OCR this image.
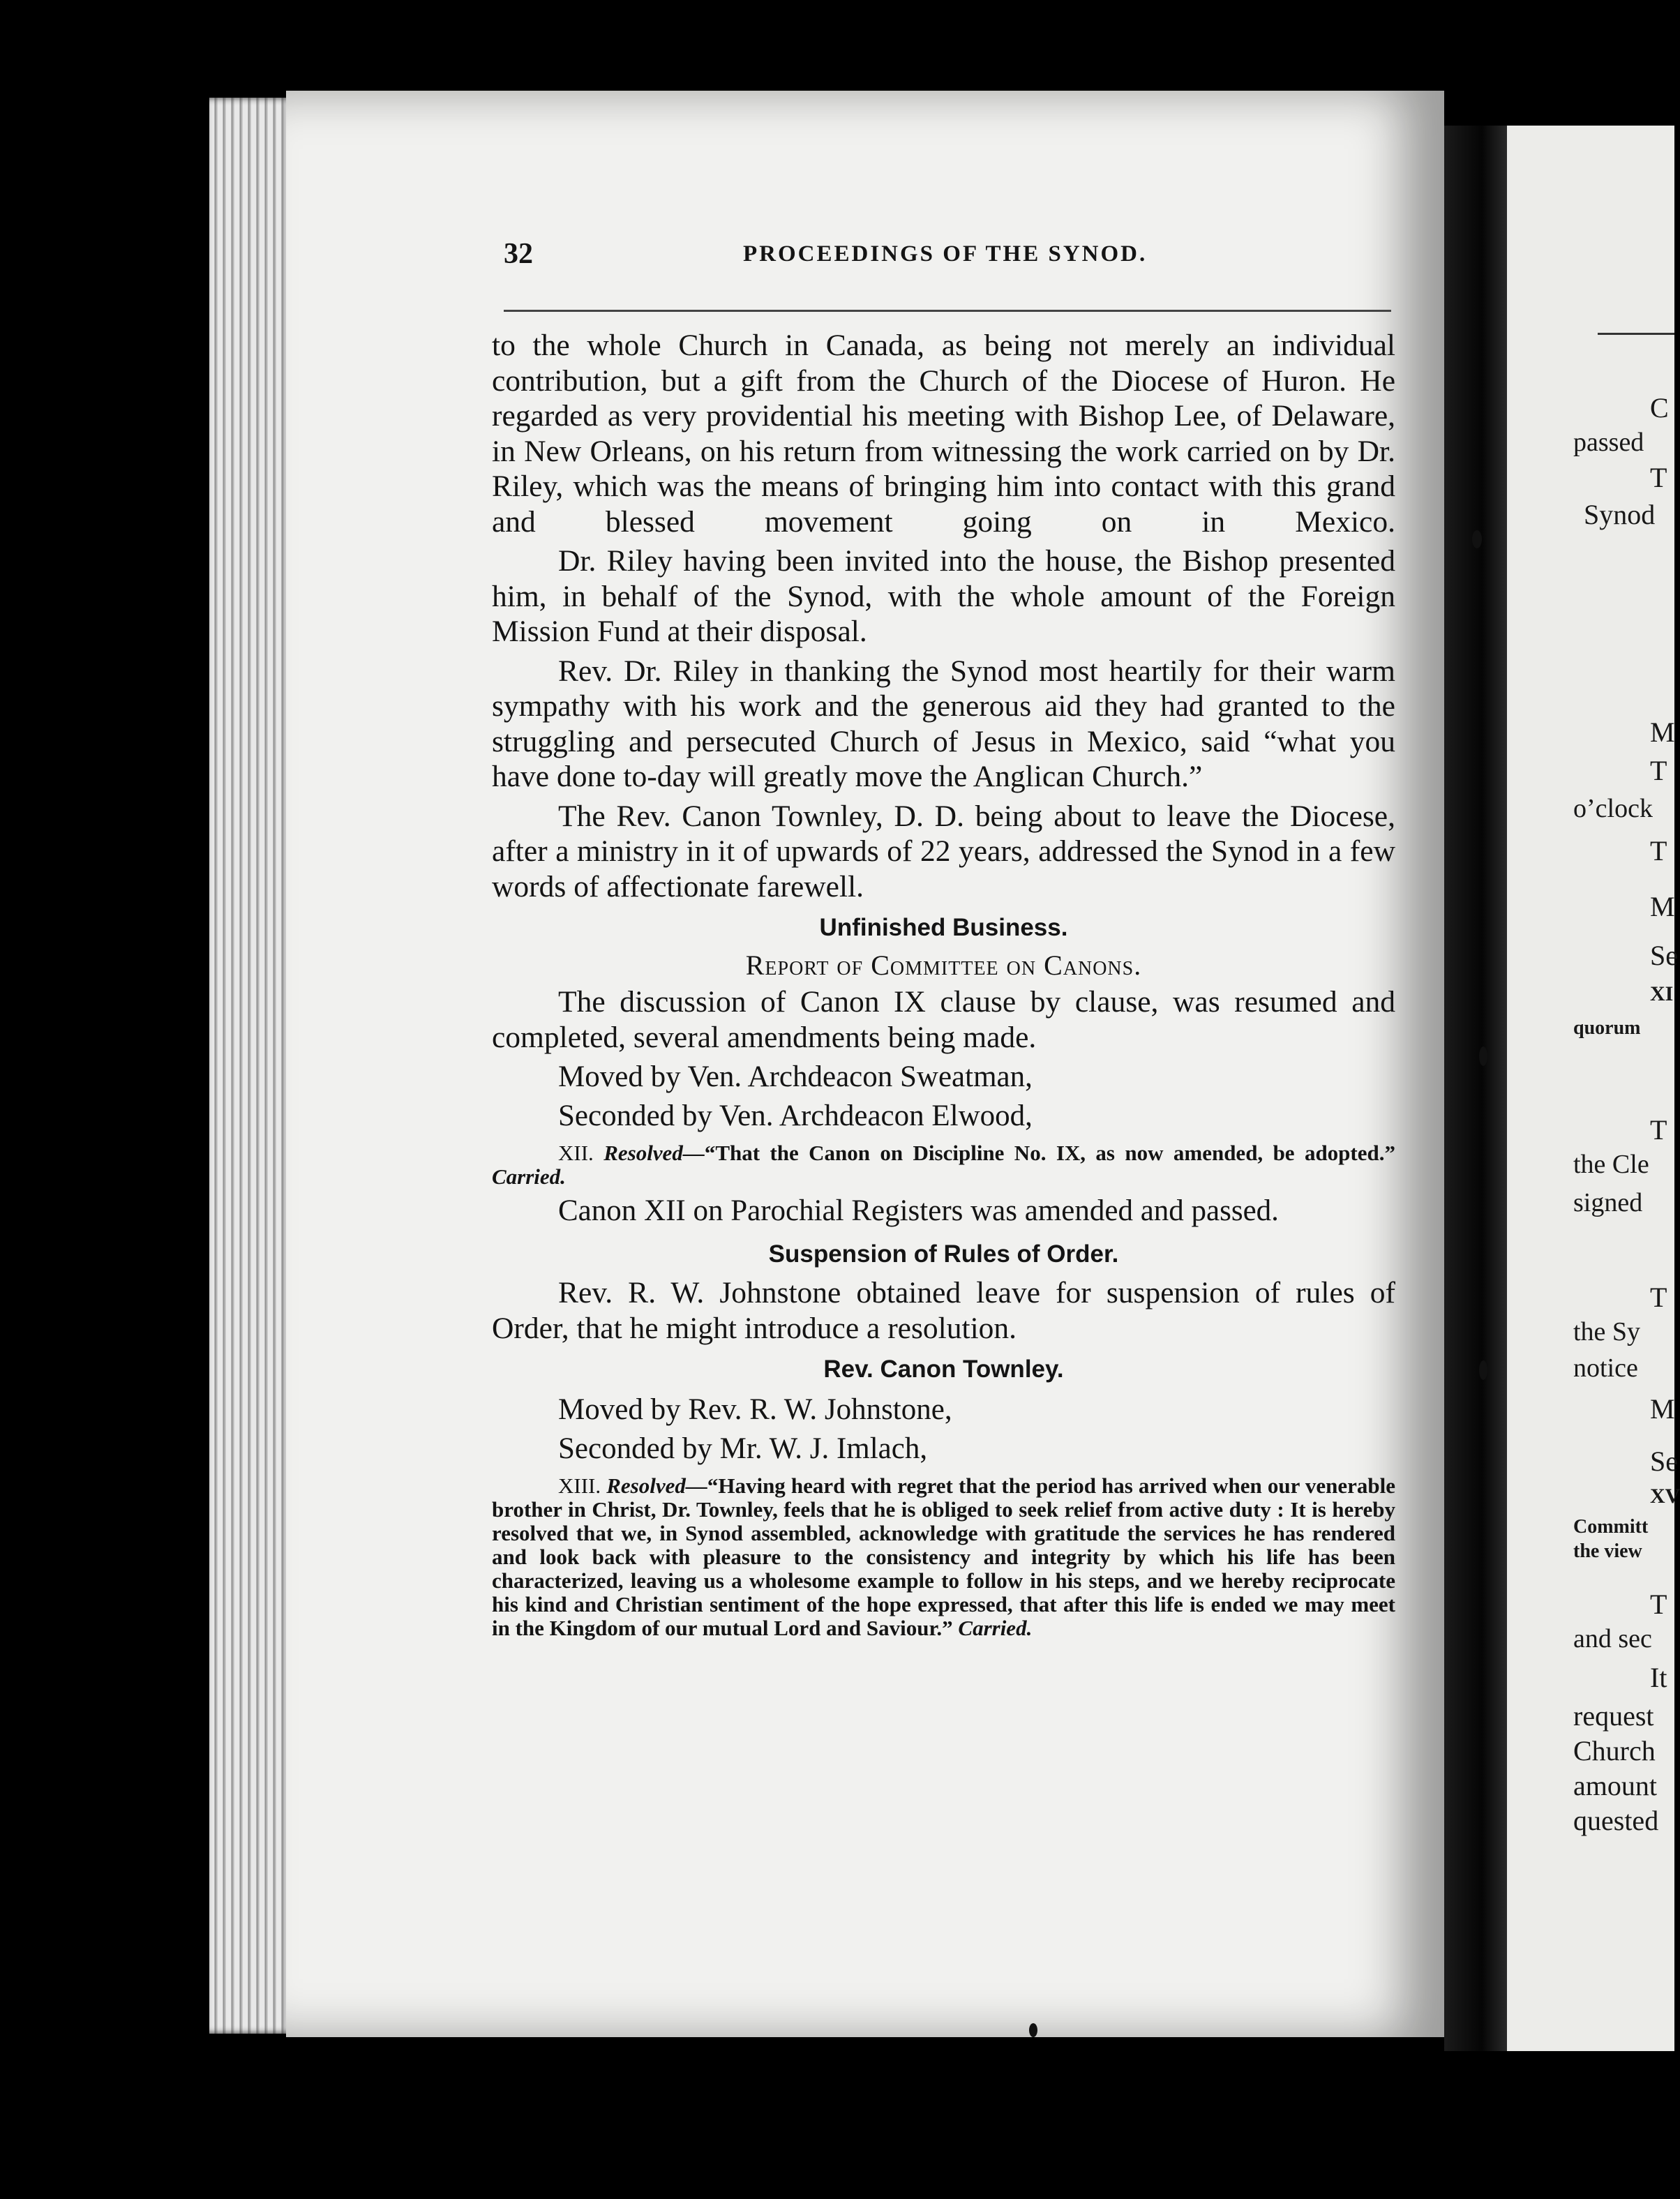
C
passed
T
Synod
M
T
o’clock
T
M
Se
XI
quorum
T
the Cle
signed
T
the Sy
notice
M
Se
XV
Committ
the view
T
and sec
It
request
Church
amount
quested
32	PROCEEDINGS OF THE SYNOD.

to the whole Church in Canada, as being not merely an individual contribution, but a gift from the Church of the Diocese of Huron. He regarded as very providential his meeting with Bishop Lee, of Delaware, in New Orleans, on his return from witnessing the work carried on by Dr. Riley, which was the means of bringing him into contact with this grand and blessed movement going on in Mexico.

Dr. Riley having been invited into the house, the Bishop presented him, in behalf of the Synod, with the whole amount of the Foreign Mission Fund at their disposal.

Rev. Dr. Riley in thanking the Synod most heartily for their warm sympathy with his work and the generous aid they had granted to the struggling and persecuted Church of Jesus in Mexico, said “what you have done to-day will greatly move the Anglican Church.”

The Rev. Canon Townley, D. D. being about to leave the Diocese, after a ministry in it of upwards of 22 years, addressed the Synod in a few words of affectionate farewell.

Unfinished Business.
Report of Committee on Canons.

The discussion of Canon IX clause by clause, was resumed and completed, several amendments being made.

Moved by Ven. Archdeacon Sweatman,

Seconded by Ven. Archdeacon Elwood,

XII. Resolved—“That the Canon on Discipline No. IX, as now amended, be adopted.” Carried.

Canon XII on Parochial Registers was amended and passed.

Suspension of Rules of Order.

Rev. R. W. Johnstone obtained leave for suspension of rules of Order, that he might introduce a resolution.

Rev. Canon Townley.

Moved by Rev. R. W. Johnstone,

Seconded by Mr. W. J. Imlach,

XIII. Resolved—“Having heard with regret that the period has arrived when our venerable brother in Christ, Dr. Townley, feels that he is obliged to seek relief from active duty : It is hereby resolved that we, in Synod assembled, acknowledge with gratitude the services he has rendered and look back with pleasure to the consistency and integrity by which his life has been characterized, leaving us a wholesome example to follow in his steps, and we hereby reciprocate his kind and Christian sentiment of the hope expressed, that after this life is ended we may meet in the Kingdom of our mutual Lord and Saviour.” Carried.
